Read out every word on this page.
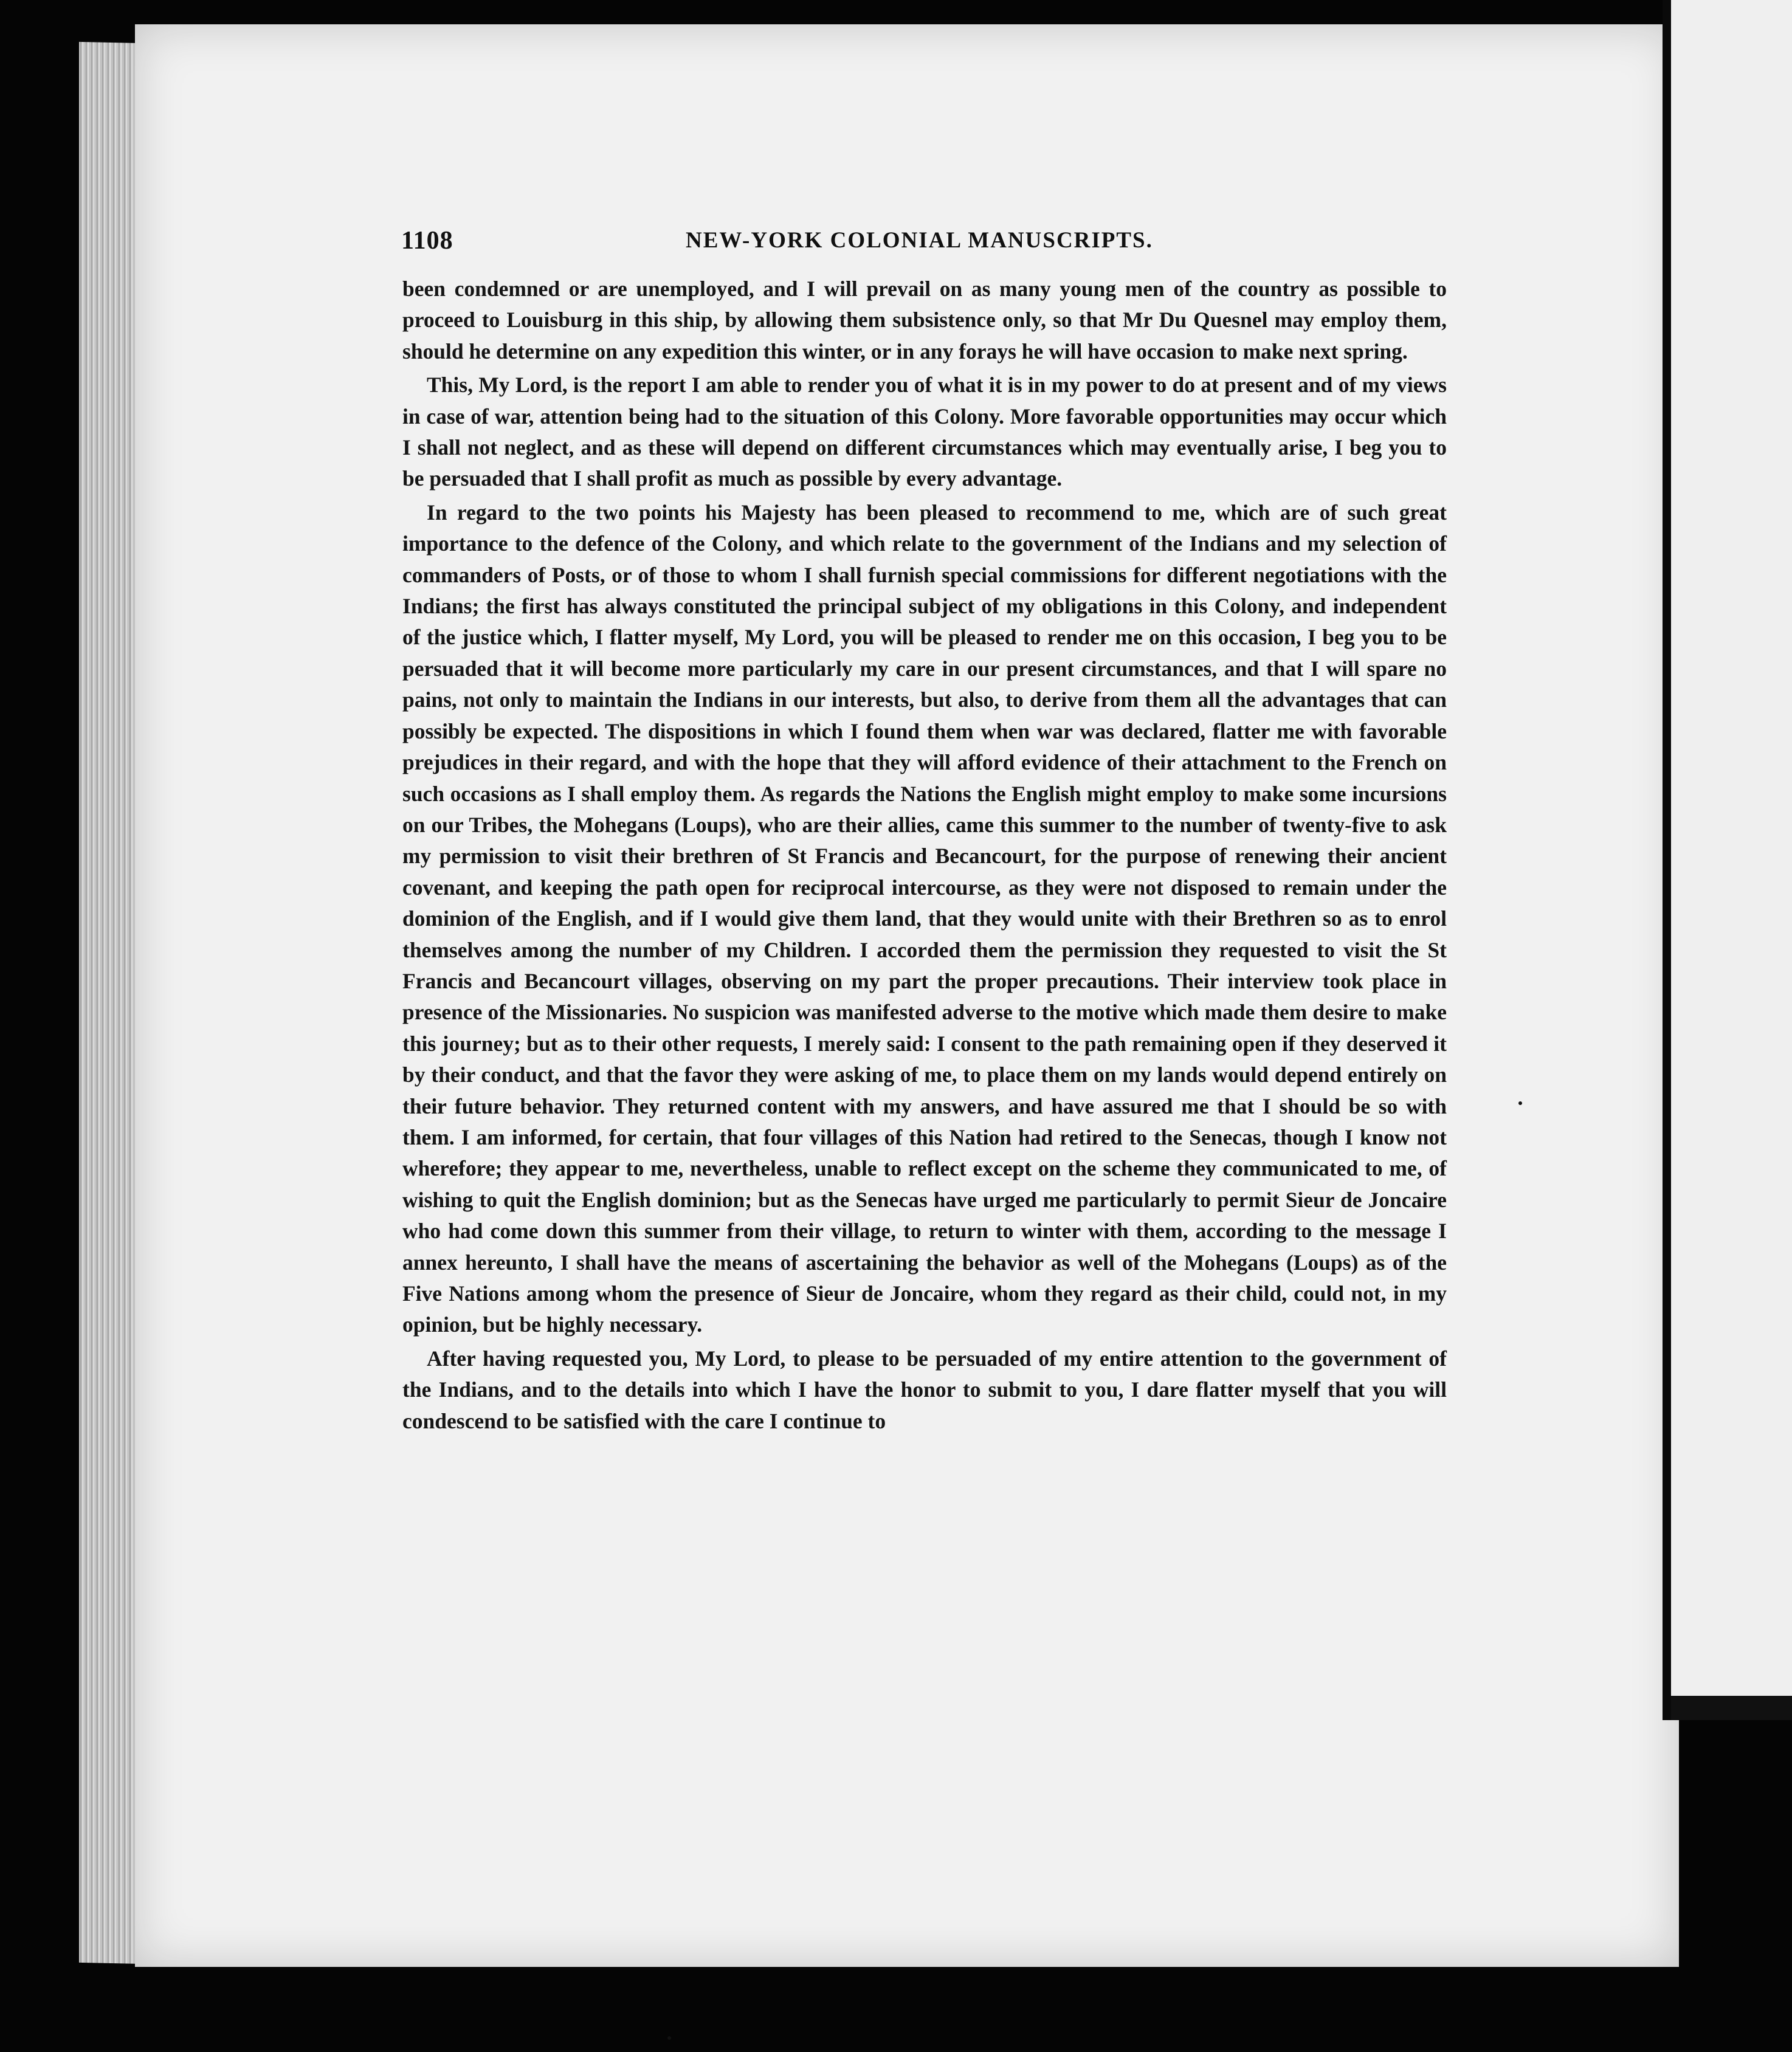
1108	NEW-YORK COLONIAL MANUSCRIPTS.

been condemned or are unemployed, and I will prevail on as many young men of the country as possible to proceed to Louisburg in this ship, by allowing them subsistence only, so that Mr Du Quesnel may employ them, should he determine on any expedition this winter, or in any forays he will have occasion to make next spring.

This, My Lord, is the report I am able to render you of what it is in my power to do at present and of my views in case of war, attention being had to the situation of this Colony. More favorable opportunities may occur which I shall not neglect, and as these will depend on different circumstances which may eventually arise, I beg you to be persuaded that I shall profit as much as possible by every advantage.

In regard to the two points his Majesty has been pleased to recommend to me, which are of such great importance to the defence of the Colony, and which relate to the government of the Indians and my selection of commanders of Posts, or of those to whom I shall furnish special commissions for different negotiations with the Indians; the first has always constituted the principal subject of my obligations in this Colony, and independent of the justice which, I flatter myself, My Lord, you will be pleased to render me on this occasion, I beg you to be persuaded that it will become more particularly my care in our present circumstances, and that I will spare no pains, not only to maintain the Indians in our interests, but also, to derive from them all the advantages that can possibly be expected. The dispositions in which I found them when war was declared, flatter me with favorable prejudices in their regard, and with the hope that they will afford evidence of their attachment to the French on such occasions as I shall employ them. As regards the Nations the English might employ to make some incursions on our Tribes, the Mohegans (Loups), who are their allies, came this summer to the number of twenty-five to ask my permission to visit their brethren of St Francis and Becancourt, for the purpose of renewing their ancient covenant, and keeping the path open for reciprocal intercourse, as they were not disposed to remain under the dominion of the English, and if I would give them land, that they would unite with their Brethren so as to enrol themselves among the number of my Children. I accorded them the permission they requested to visit the St Francis and Becancourt villages, observing on my part the proper precautions. Their interview took place in presence of the Missionaries. No suspicion was manifested adverse to the motive which made them desire to make this journey; but as to their other requests, I merely said: I consent to the path remaining open if they deserved it by their conduct, and that the favor they were asking of me, to place them on my lands would depend entirely on their future behavior. They returned content with my answers, and have assured me that I should be so with them. I am informed, for certain, that four villages of this Nation had retired to the Senecas, though I know not wherefore; they appear to me, nevertheless, unable to reflect except on the scheme they communicated to me, of wishing to quit the English dominion; but as the Senecas have urged me particularly to permit Sieur de Joncaire who had come down this summer from their village, to return to winter with them, according to the message I annex hereunto, I shall have the means of ascertaining the behavior as well of the Mohegans (Loups) as of the Five Nations among whom the presence of Sieur de Joncaire, whom they regard as their child, could not, in my opinion, but be highly necessary.

After having requested you, My Lord, to please to be persuaded of my entire attention to the government of the Indians, and to the details into which I have the honor to submit to you, I dare flatter myself that you will condescend to be satisfied with the care I continue to
